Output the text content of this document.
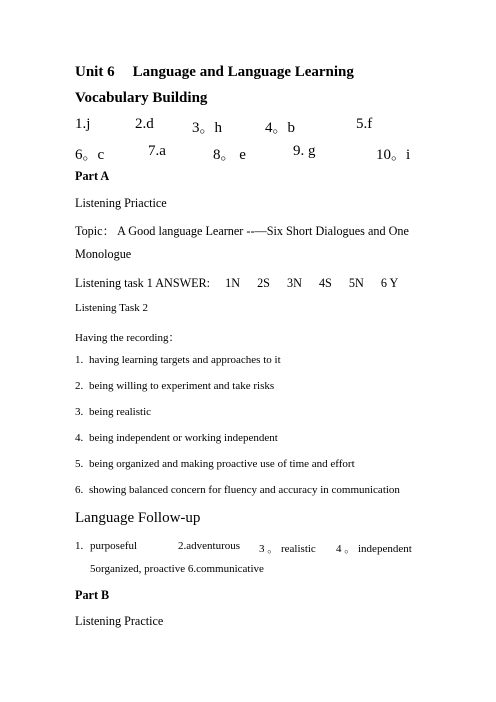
Unit 6 Language and Language Learning
Vocabulary Building
1.j	2.d	3。h	4。b	5.f
6。c	7.a	8。 e	9. g	10。i
Part A
Listening Priactice
Topic： A Good language Learner --—Six Short Dialogues and One
Monologue
Listening task 1 ANSWER: 1N 2S 3N 4S 5N 6 Y
Listening Task 2
Having the recording：
1. having learning targets and approaches to it
2. being willing to experiment and take risks
3. being realistic
4. being independent or working independent
5. being organized and making proactive use of time and effort
6. showing balanced concern for fluency and accuracy in communication
Language Follow-up
1. purposeful	2.adventurous 3 。 realistic 4 。 independent
5organized, proactive 6.communicative
Part B
Listening Practice
